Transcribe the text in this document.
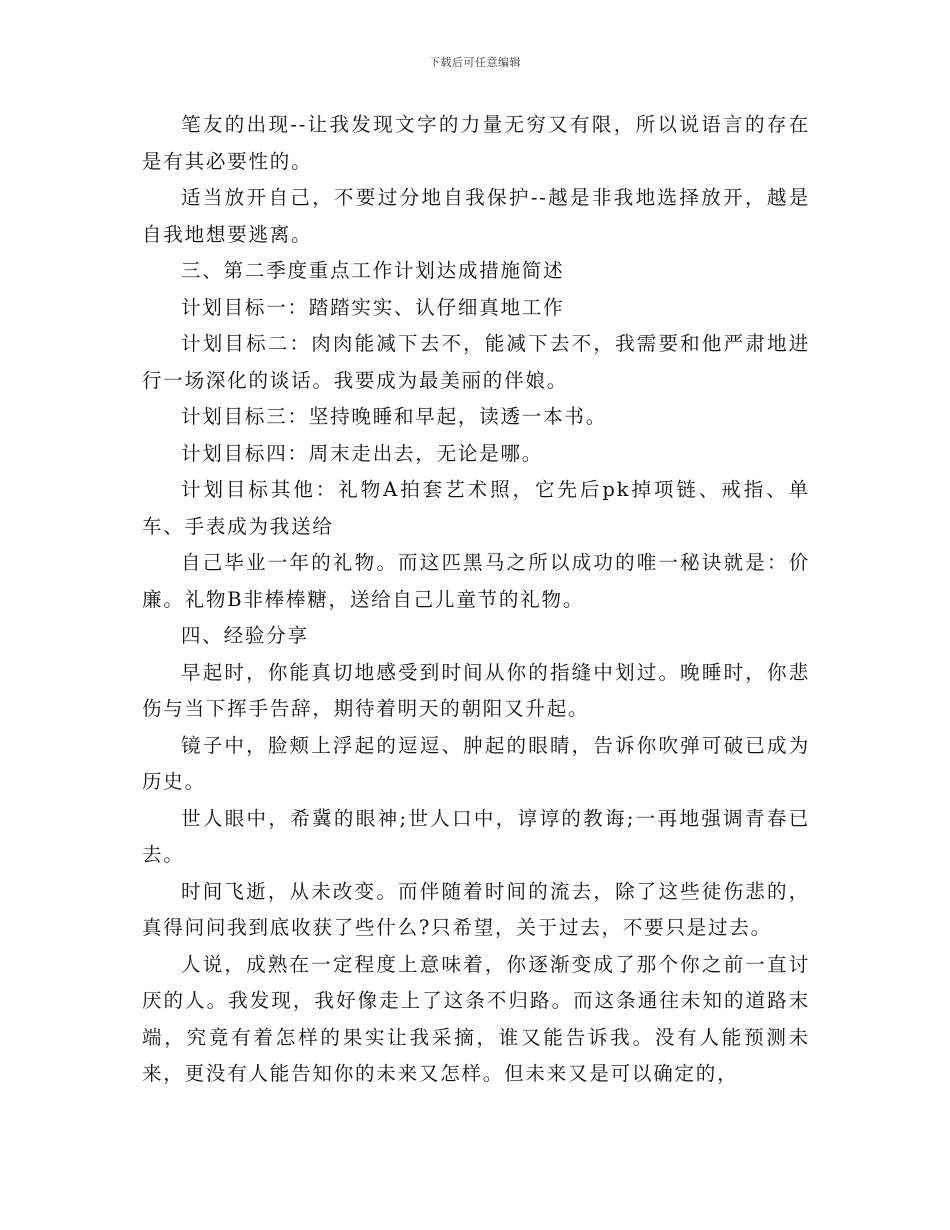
下载后可任意编辑

笔友的出现--让我发现文字的力量无穷又有限，所以说语言的存在是有其必要性的。

适当放开自己，不要过分地自我保护--越是非我地选择放开，越是自我地想要逃离。

三、第二季度重点工作计划达成措施简述

计划目标一：踏踏实实、认仔细真地工作

计划目标二：肉肉能减下去不，能减下去不，我需要和他严肃地进行一场深化的谈话。我要成为最美丽的伴娘。

计划目标三：坚持晚睡和早起，读透一本书。

计划目标四：周末走出去，无论是哪。

计划目标其他：礼物A拍套艺术照，它先后pk掉项链、戒指、单车、手表成为我送给

自己毕业一年的礼物。而这匹黑马之所以成功的唯一秘诀就是：价廉。礼物B非棒棒糖，送给自己儿童节的礼物。

四、经验分享

早起时，你能真切地感受到时间从你的指缝中划过。晚睡时，你悲伤与当下挥手告辞，期待着明天的朝阳又升起。

镜子中，脸颊上浮起的逗逗、肿起的眼睛，告诉你吹弹可破已成为历史。

世人眼中，希冀的眼神;世人口中，谆谆的教诲;一再地强调青春已去。

时间飞逝，从未改变。而伴随着时间的流去，除了这些徒伤悲的，真得问问我到底收获了些什么?只希望，关于过去，不要只是过去。

人说，成熟在一定程度上意味着，你逐渐变成了那个你之前一直讨厌的人。我发现，我好像走上了这条不归路。而这条通往未知的道路末端，究竟有着怎样的果实让我采摘，谁又能告诉我。没有人能预测未来，更没有人能告知你的未来又怎样。但未来又是可以确定的，
